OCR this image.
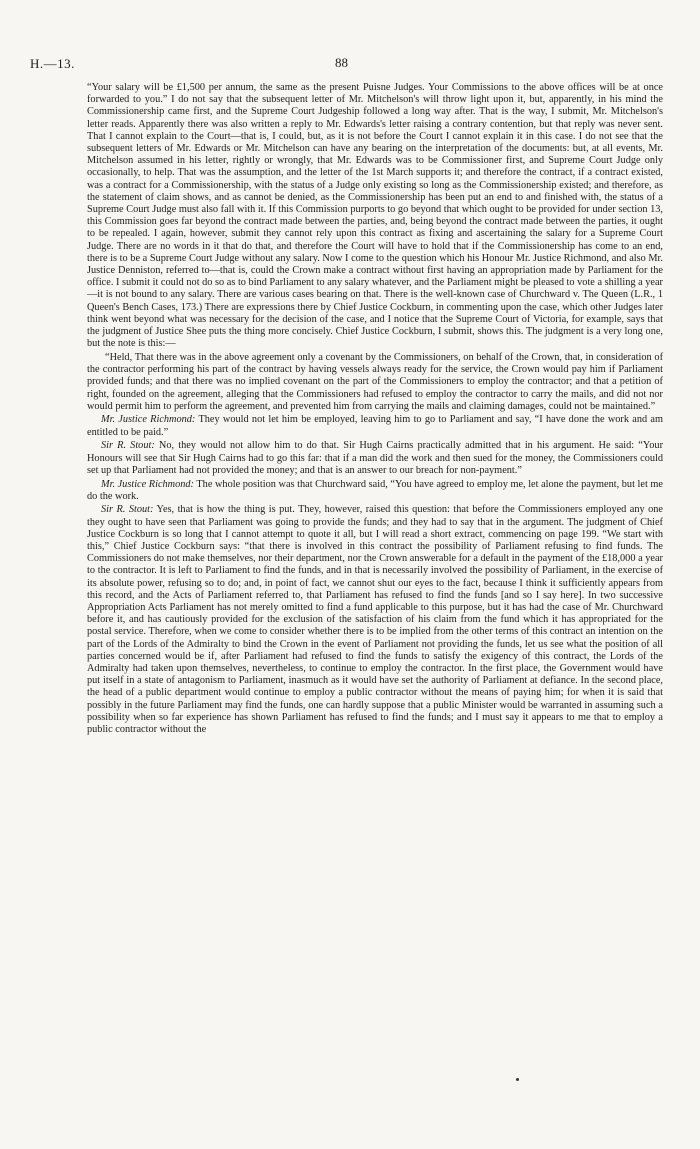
H.—13.	88

“Your salary will be £1,500 per annum, the same as the present Puisne Judges. Your Commissions to the above offices will be at once forwarded to you.” I do not say that the subsequent letter of Mr. Mitchelson's will throw light upon it, but, apparently, in his mind the Commissionership came first, and the Supreme Court Judgeship followed a long way after. That is the way, I submit, Mr. Mitchelson's letter reads. Apparently there was also written a reply to Mr. Edwards's letter raising a contrary contention, but that reply was never sent. That I cannot explain to the Court—that is, I could, but, as it is not before the Court I cannot explain it in this case. I do not see that the subsequent letters of Mr. Edwards or Mr. Mitchelson can have any bearing on the interpretation of the documents: but, at all events, Mr. Mitchelson assumed in his letter, rightly or wrongly, that Mr. Edwards was to be Commissioner first, and Supreme Court Judge only occasionally, to help. That was the assumption, and the letter of the 1st March supports it; and therefore the contract, if a contract existed, was a contract for a Commissionership, with the status of a Judge only existing so long as the Commissionership existed; and therefore, as the statement of claim shows, and as cannot be denied, as the Commissionership has been put an end to and finished with, the status of a Supreme Court Judge must also fall with it. If this Commission purports to go beyond that which ought to be provided for under section 13, this Commission goes far beyond the contract made between the parties, and, being beyond the contract made between the parties, it ought to be repealed. I again, however, submit they cannot rely upon this contract as fixing and ascertaining the salary for a Supreme Court Judge. There are no words in it that do that, and therefore the Court will have to hold that if the Commissionership has come to an end, there is to be a Supreme Court Judge without any salary. Now I come to the question which his Honour Mr. Justice Richmond, and also Mr. Justice Denniston, referred to—that is, could the Crown make a contract without first having an appropriation made by Parliament for the office. I submit it could not do so as to bind Parliament to any salary whatever, and the Parliament might be pleased to vote a shilling a year—it is not bound to any salary. There are various cases bearing on that. There is the well-known case of Churchward v. The Queen (L.R., 1 Queen's Bench Cases, 173.) There are expressions there by Chief Justice Cockburn, in commenting upon the case, which other Judges later think went beyond what was necessary for the decision of the case, and I notice that the Supreme Court of Victoria, for example, says that the judgment of Justice Shee puts the thing more concisely. Chief Justice Cockburn, I submit, shows this. The judgment is a very long one, but the note is this:—

“Held, That there was in the above agreement only a covenant by the Commissioners, on behalf of the Crown, that, in consideration of the contractor performing his part of the contract by having vessels always ready for the service, the Crown would pay him if Parliament provided funds; and that there was no implied covenant on the part of the Commissioners to employ the contractor; and that a petition of right, founded on the agreement, alleging that the Commissioners had refused to employ the contractor to carry the mails, and did not nor would permit him to perform the agreement, and prevented him from carrying the mails and claiming damages, could not be maintained.”

Mr. Justice Richmond: They would not let him be employed, leaving him to go to Parliament and say, “I have done the work and am entitled to be paid.”

Sir R. Stout: No, they would not allow him to do that. Sir Hugh Cairns practically admitted that in his argument. He said: “Your Honours will see that Sir Hugh Cairns had to go this far: that if a man did the work and then sued for the money, the Commissioners could set up that Parliament had not provided the money; and that is an answer to our breach for non-payment.”

Mr. Justice Richmond: The whole position was that Churchward said, “You have agreed to employ me, let alone the payment, but let me do the work.

Sir R. Stout: Yes, that is how the thing is put. They, however, raised this question: that before the Commissioners employed any one they ought to have seen that Parliament was going to provide the funds; and they had to say that in the argument. The judgment of Chief Justice Cockburn is so long that I cannot attempt to quote it all, but I will read a short extract, commencing on page 199. “We start with this,” Chief Justice Cockburn says: “that there is involved in this contract the possibility of Parliament refusing to find funds. The Commissioners do not make themselves, nor their department, nor the Crown answerable for a default in the payment of the £18,000 a year to the contractor. It is left to Parliament to find the funds, and in that is necessarily involved the possibility of Parliament, in the exercise of its absolute power, refusing so to do; and, in point of fact, we cannot shut our eyes to the fact, because I think it sufficiently appears from this record, and the Acts of Parliament referred to, that Parliament has refused to find the funds [and so I say here]. In two successive Appropriation Acts Parliament has not merely omitted to find a fund applicable to this purpose, but it has had the case of Mr. Churchward before it, and has cautiously provided for the exclusion of the satisfaction of his claim from the fund which it has appropriated for the postal service. Therefore, when we come to consider whether there is to be implied from the other terms of this contract an intention on the part of the Lords of the Admiralty to bind the Crown in the event of Parliament not providing the funds, let us see what the position of all parties concerned would be if, after Parliament had refused to find the funds to satisfy the exigency of this contract, the Lords of the Admiralty had taken upon themselves, nevertheless, to continue to employ the contractor. In the first place, the Government would have put itself in a state of antagonism to Parliament, inasmuch as it would have set the authority of Parliament at defiance. In the second place, the head of a public department would continue to employ a public contractor without the means of paying him; for when it is said that possibly in the future Parliament may find the funds, one can hardly suppose that a public Minister would be warranted in assuming such a possibility when so far experience has shown Parliament has refused to find the funds; and I must say it appears to me that to employ a public contractor without the
